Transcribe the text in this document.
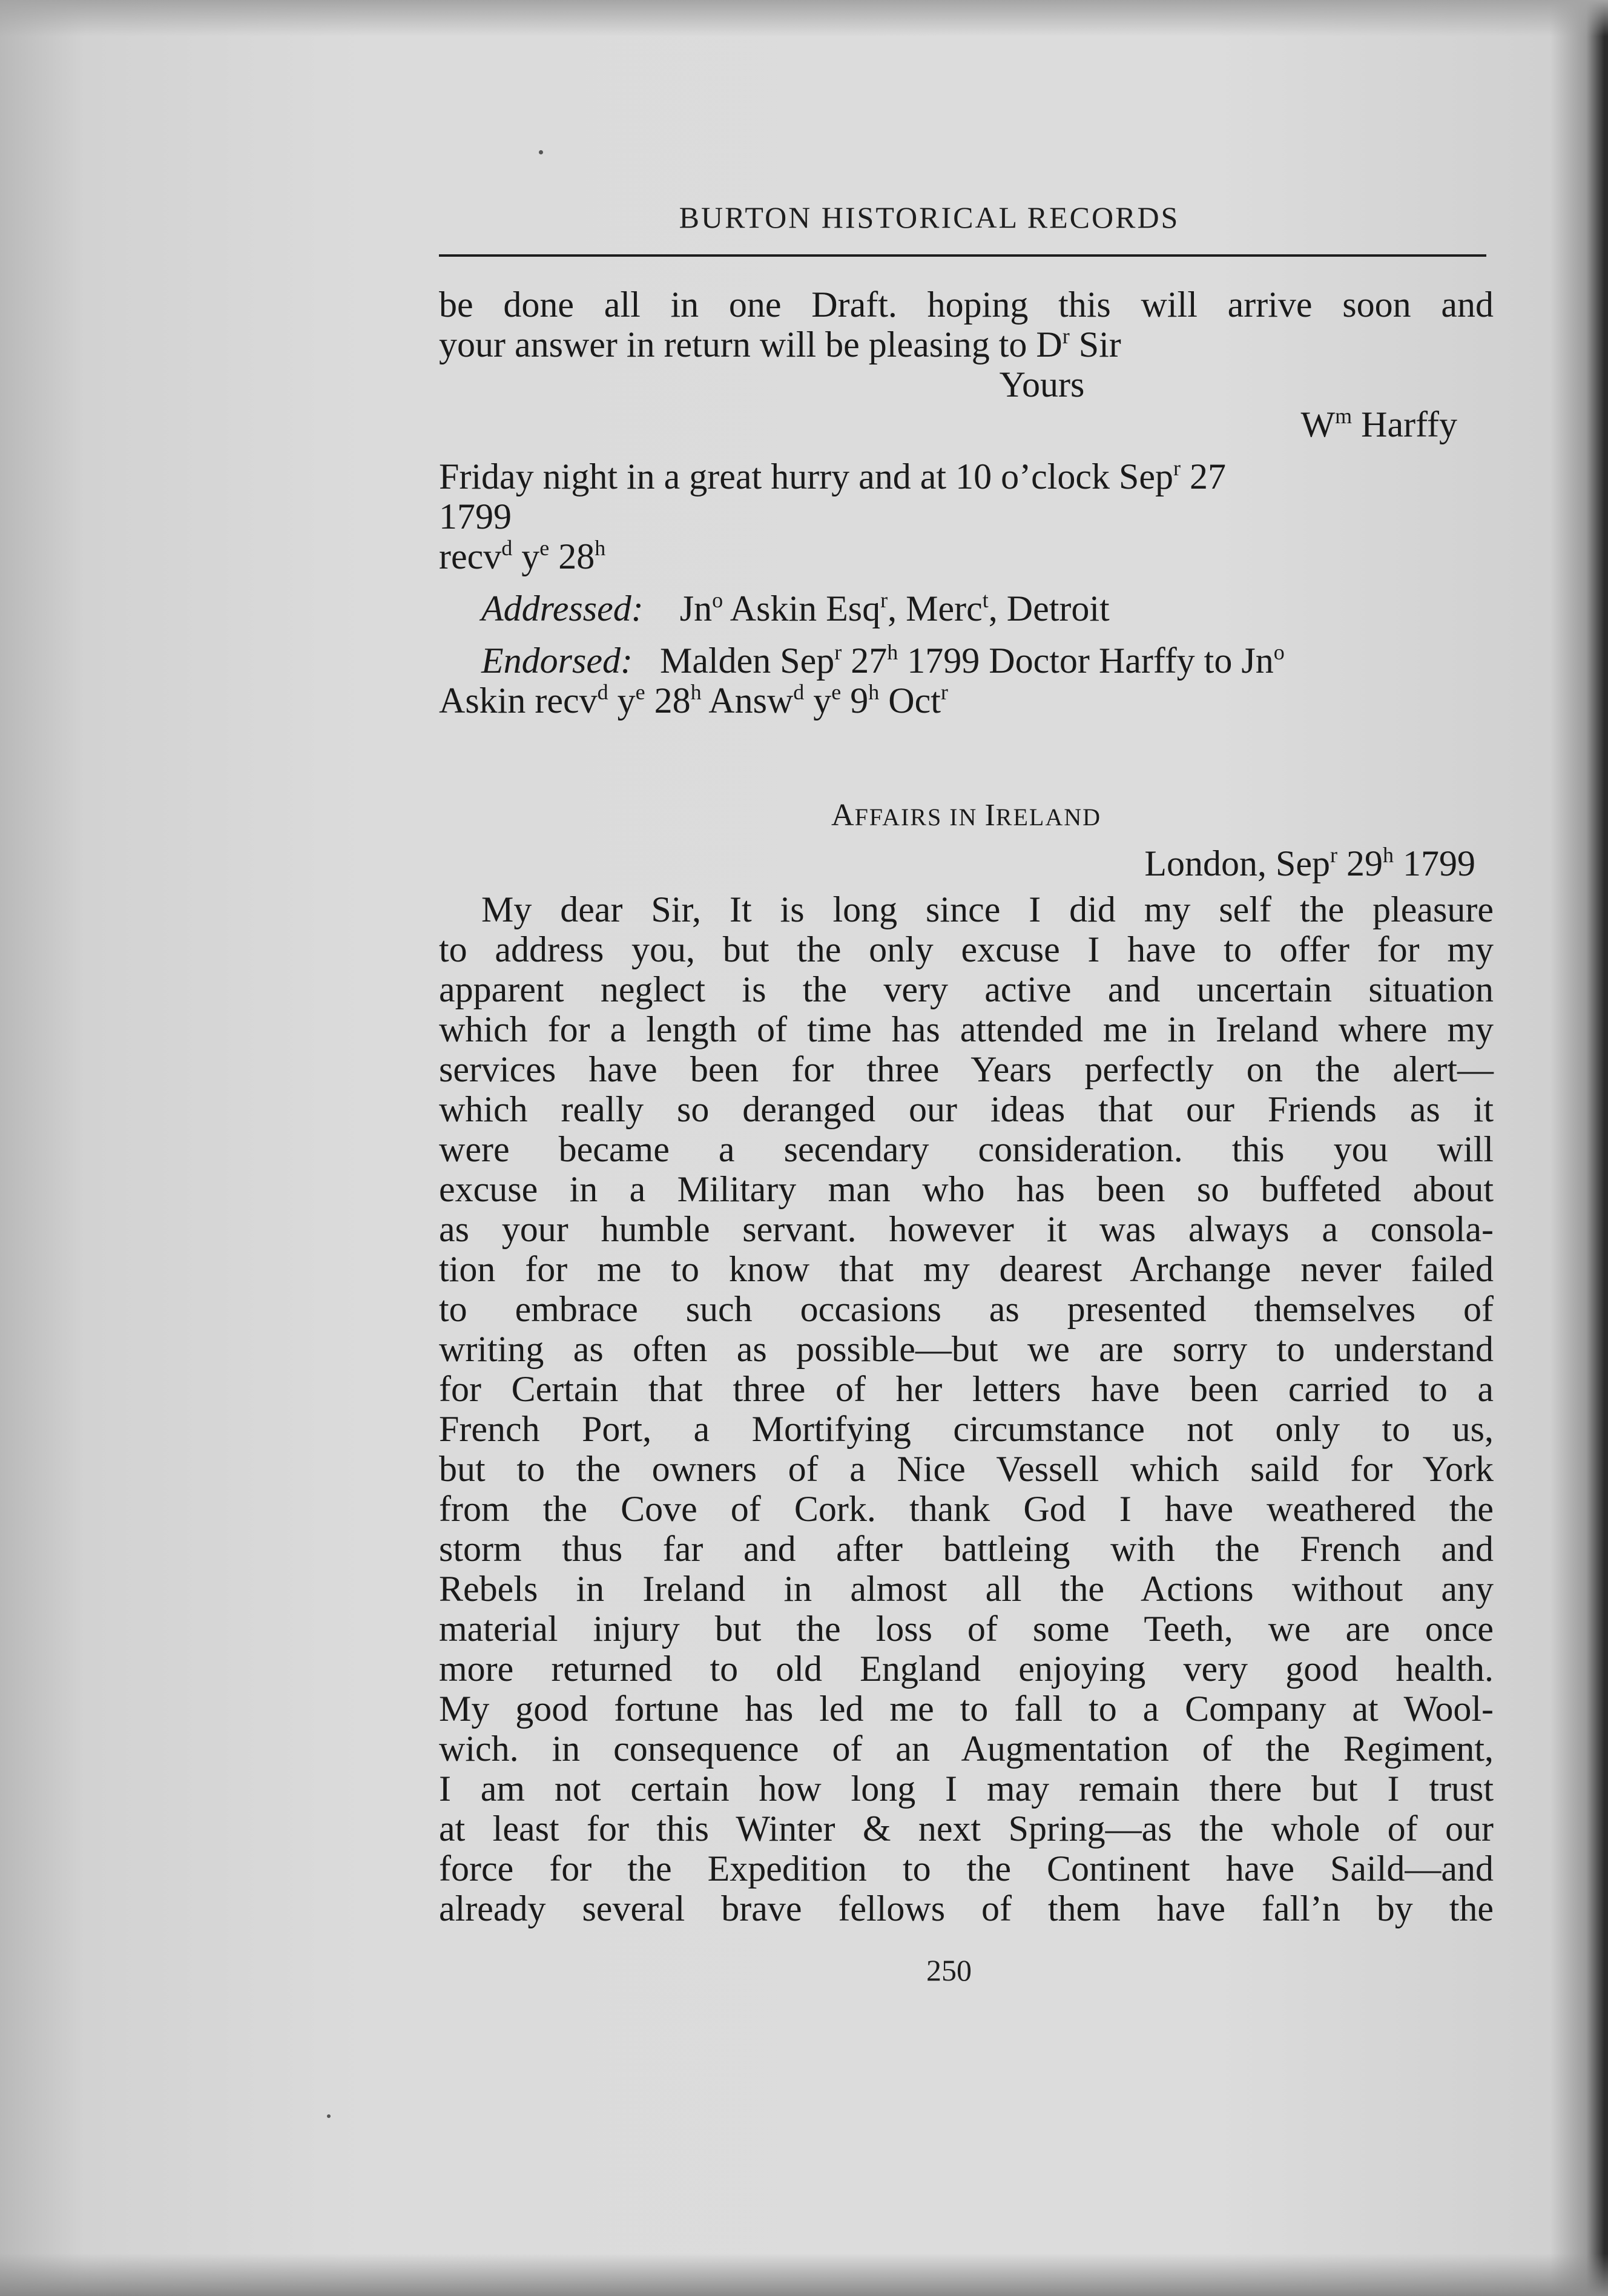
BURTON HISTORICAL RECORDS
be done all in one Draft. hoping this will arrive soon and
your answer in return will be pleasing to $D^r$ Sir
Yours
$W^m$ Harffy
Friday night in a great hurry and at 10 o’clock Sep$^r$ 27
1799
recv$^d$ $y^e$ 28$^h$
Addressed: Jn$^o$ Askin Esq$^r$, Merc$^t$, Detroit
Endorsed: Malden Sep$^r$ 27$^h$ 1799 Doctor Harffy to Jn$^o$
Askin recv$^d$ $y^e$ 28$^h$ Answ$^d$ $y^e$ 9$^h$ Oct$^r$
AFFAIRS IN IRELAND
London, Sep$^r$ 29$^h$ 1799
My dear Sir, It is long since I did my self the pleasure
to address you, but the only excuse I have to offer for my
apparent neglect is the very active and uncertain situation
which for a length of time has attended me in Ireland where my
services have been for three Years perfectly on the alert—
which really so deranged our ideas that our Friends as it
were became a secendary consideration. this you will
excuse in a Military man who has been so buffeted about
as your humble servant. however it was always a consola-
tion for me to know that my dearest Archange never failed
to embrace such occasions as presented themselves of
writing as often as possible—but we are sorry to understand
for Certain that three of her letters have been carried to a
French Port, a Mortifying circumstance not only to us,
but to the owners of a Nice Vessell which saild for York
from the Cove of Cork. thank God I have weathered the
storm thus far and after battleing with the French and
Rebels in Ireland in almost all the Actions without any
material injury but the loss of some Teeth, we are once
more returned to old England enjoying very good health.
My good fortune has led me to fall to a Company at Wool-
wich. in consequence of an Augmentation of the Regiment,
I am not certain how long I may remain there but I trust
at least for this Winter & next Spring—as the whole of our
force for the Expedition to the Continent have Saild—and
already several brave fellows of them have fall’n by the
250
